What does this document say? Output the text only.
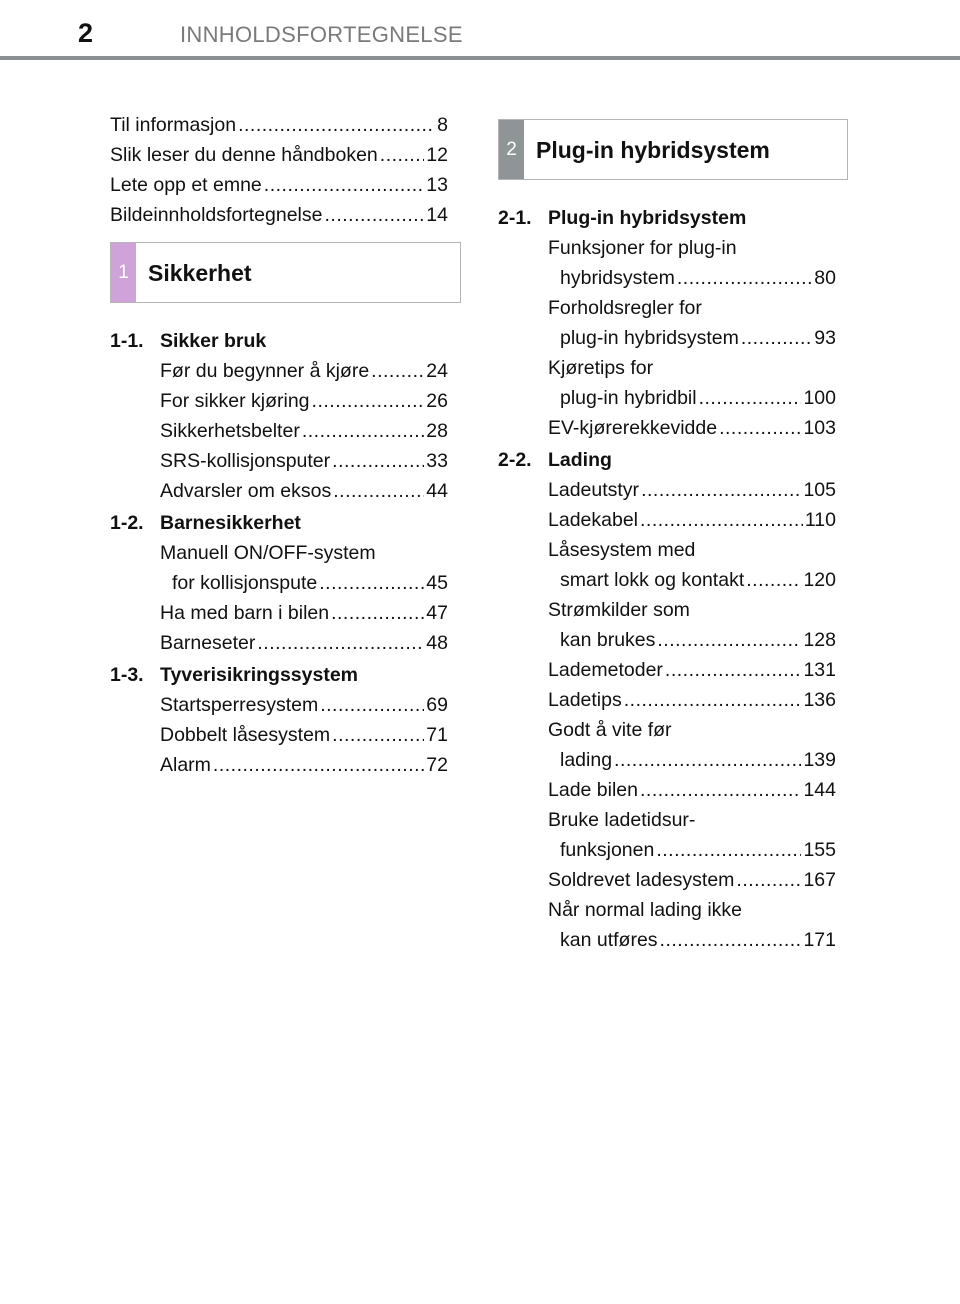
2	INNHOLDSFORTEGNELSE
Til informasjon .....	8
Slik leser du denne håndboken ..... 12
Lete opp et emne .....	13
Bildeinnholdsfortegnelse .....	14
1 Sikkerhet
1-1. Sikker bruk
Før du begynner å kjøre .....	24
For sikker kjøring .....	26
Sikkerhetsbelter .....	28
SRS-kollisjonsputer .....	33
Advarsler om eksos .....	44
1-2. Barnesikkerhet
Manuell ON/OFF-system
for kollisjonspute .....	45
Ha med barn i bilen .....	47
Barneseter .....	48
1-3. Tyverisikringssystem
Startsperresystem .....	69
Dobbelt låsesystem .....	71
Alarm .....	72
2 Plug-in hybridsystem
2-1. Plug-in hybridsystem
Funksjoner for plug-in
hybridsystem .....	80
Forholdsregler for
plug-in hybridsystem .....	93
Kjøretips for
plug-in hybridbil .....	100
EV-kjørerekkevidde .....	103
2-2. Lading
Ladeutstyr .....	105
Ladekabel .....	110
Låsesystem med
smart lokk og kontakt .....	120
Strømkilder som
kan brukes .....	128
Lademetoder .....	131
Ladetips .....	136
Godt å vite før
lading .....	139
Lade bilen .....	144
Bruke ladetidsur-
funksjonen .....	155
Soldrevet ladesystem .....	167
Når normal lading ikke
kan utføres .....	171
